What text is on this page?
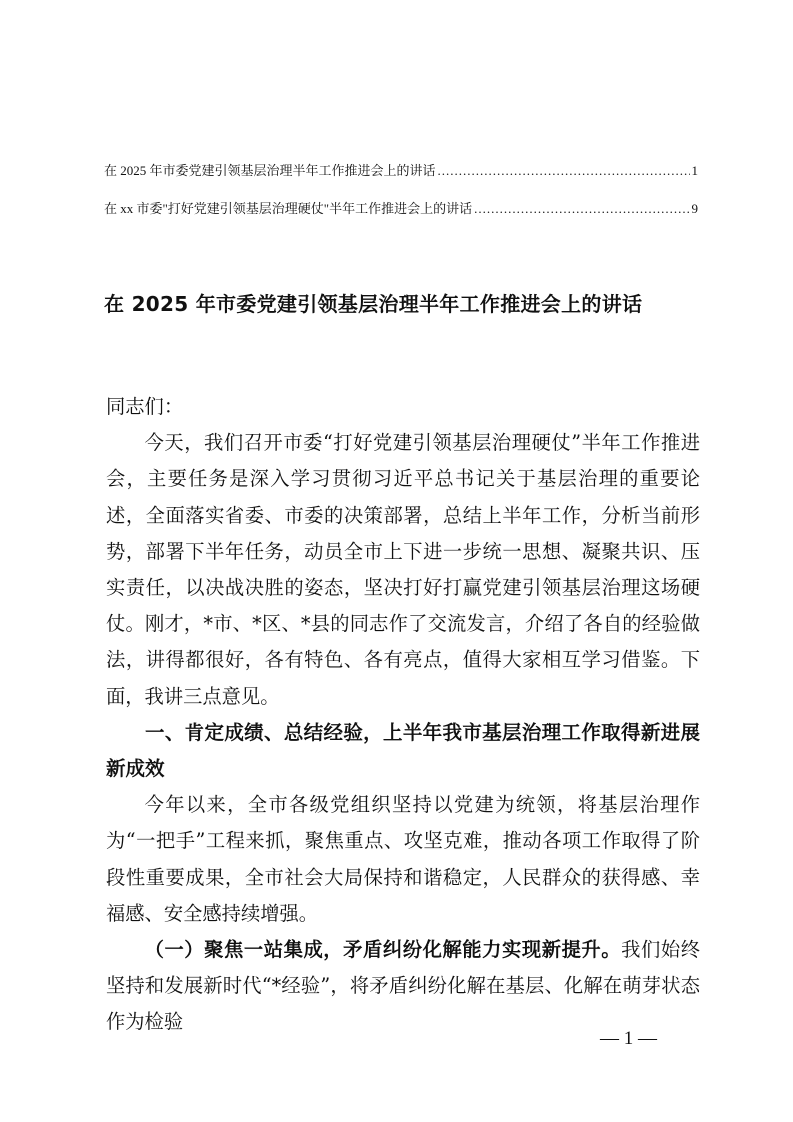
在 2025 年市委党建引领基层治理半年工作推进会上的讲话 .....	1
在 xx 市委"打好党建引领基层治理硬仗"半年工作推进会上的讲话 .....	9
在 2025 年市委党建引领基层治理半年工作推进会上的讲话

同志们：

今天，我们召开市委“打好党建引领基层治理硬仗”半年工作推进会，主要任务是深入学习贯彻习近平总书记关于基层治理的重要论述，全面落实省委、市委的决策部署，总结上半年工作，分析当前形势，部署下半年任务，动员全市上下进一步统一思想、凝聚共识、压实责任，以决战决胜的姿态，坚决打好打赢党建引领基层治理这场硬仗。刚才，*市、*区、*县的同志作了交流发言，介绍了各自的经验做法，讲得都很好，各有特色、各有亮点，值得大家相互学习借鉴。下面，我讲三点意见。

一、肯定成绩、总结经验，上半年我市基层治理工作取得新进展新成效

今年以来，全市各级党组织坚持以党建为统领，将基层治理作为“一把手”工程来抓，聚焦重点、攻坚克难，推动各项工作取得了阶段性重要成果，全市社会大局保持和谐稳定，人民群众的获得感、幸福感、安全感持续增强。

（一）聚焦一站集成，矛盾纠纷化解能力实现新提升。我们始终坚持和发展新时代“*经验”，将矛盾纠纷化解在基层、化解在萌芽状态作为检验

— 1 —
